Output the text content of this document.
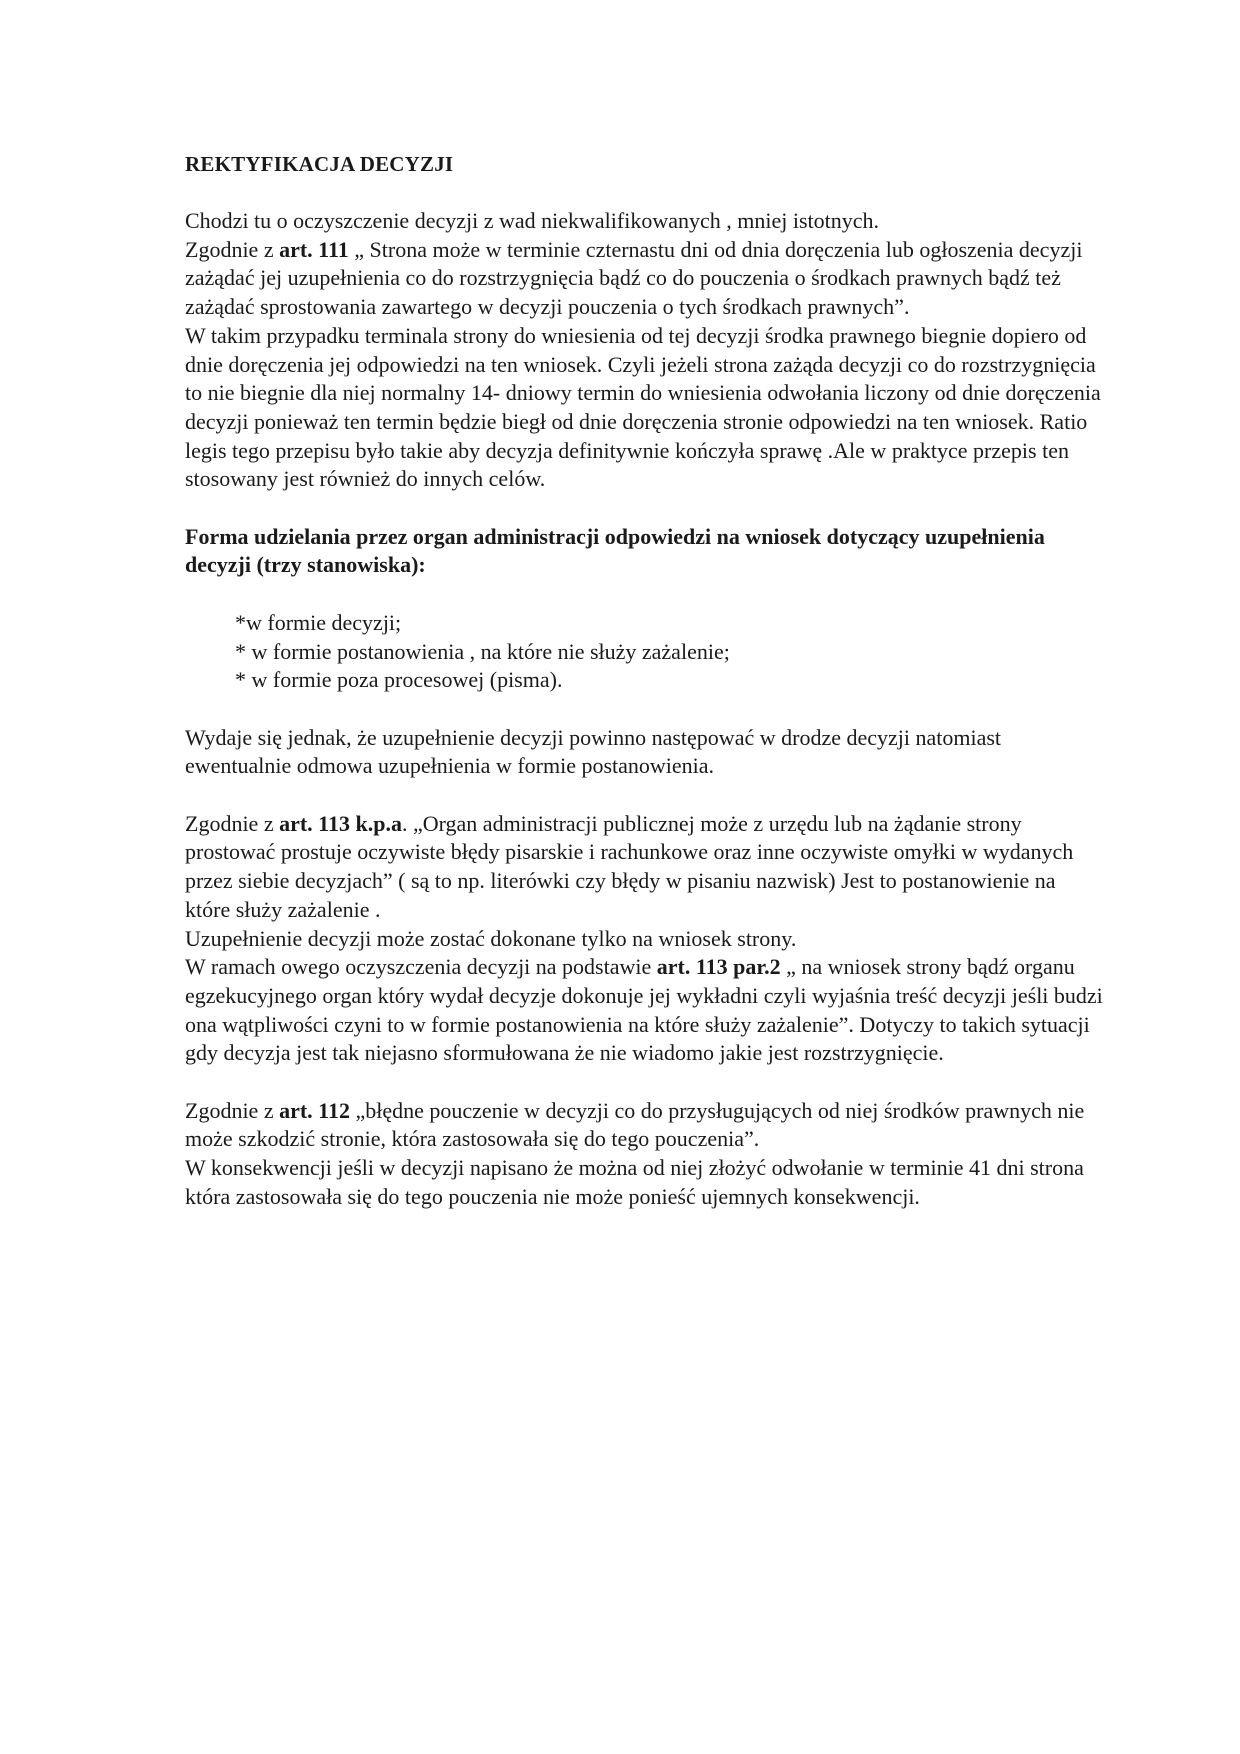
REKTYFIKACJA DECYZJI

Chodzi tu o oczyszczenie decyzji z wad niekwalifikowanych , mniej istotnych.
Zgodnie z art. 111 „ Strona może w terminie czternastu dni od dnia doręczenia lub ogłoszenia decyzji zażądać jej uzupełnienia co do rozstrzygnięcia bądź co do pouczenia o środkach prawnych bądź też zażądać sprostowania zawartego w decyzji pouczenia o tych środkach prawnych”.

W takim przypadku terminala strony do wniesienia od tej decyzji środka prawnego biegnie dopiero od dnie doręczenia jej odpowiedzi na ten wniosek. Czyli jeżeli strona zażąda decyzji co do rozstrzygnięcia to nie biegnie dla niej normalny 14- dniowy termin do wniesienia odwołania liczony od dnie doręczenia decyzji ponieważ ten termin będzie biegł od dnie doręczenia stronie odpowiedzi na ten wniosek. Ratio legis tego przepisu było takie aby decyzja definitywnie kończyła sprawę .Ale w praktyce przepis ten stosowany jest również do innych celów.

Forma udzielania przez organ administracji odpowiedzi na wniosek dotyczący uzupełnienia decyzji (trzy stanowiska):

*w formie decyzji;
* w formie postanowienia , na które nie służy zażalenie;
* w formie poza procesowej (pisma).

Wydaje się jednak, że uzupełnienie decyzji powinno następować w drodze decyzji natomiast ewentualnie odmowa uzupełnienia w formie postanowienia.

Zgodnie z art. 113 k.p.a. „Organ administracji publicznej może z urzędu lub na żądanie strony prostować prostuje oczywiste błędy pisarskie i rachunkowe oraz inne oczywiste omyłki w wydanych przez siebie decyzjach” ( są to np. literówki czy błędy w pisaniu nazwisk) Jest to postanowienie na które służy zażalenie .
Uzupełnienie decyzji może zostać dokonane tylko na wniosek strony.
W ramach owego oczyszczenia decyzji na podstawie art. 113 par.2 „ na wniosek strony bądź organu egzekucyjnego organ który wydał decyzje dokonuje jej wykładni czyli wyjaśnia treść decyzji jeśli budzi ona wątpliwości czyni to w formie postanowienia na które służy zażalenie”. Dotyczy to takich sytuacji gdy decyzja jest tak niejasno sformułowana że nie wiadomo jakie jest rozstrzygnięcie.

Zgodnie z art. 112 „błędne pouczenie w decyzji co do przysługujących od niej środków prawnych nie może szkodzić stronie, która zastosowała się do tego pouczenia”.
W konsekwencji jeśli w decyzji napisano że można od niej złożyć odwołanie w terminie 41 dni strona która zastosowała się do tego pouczenia nie może ponieść ujemnych konsekwencji.
